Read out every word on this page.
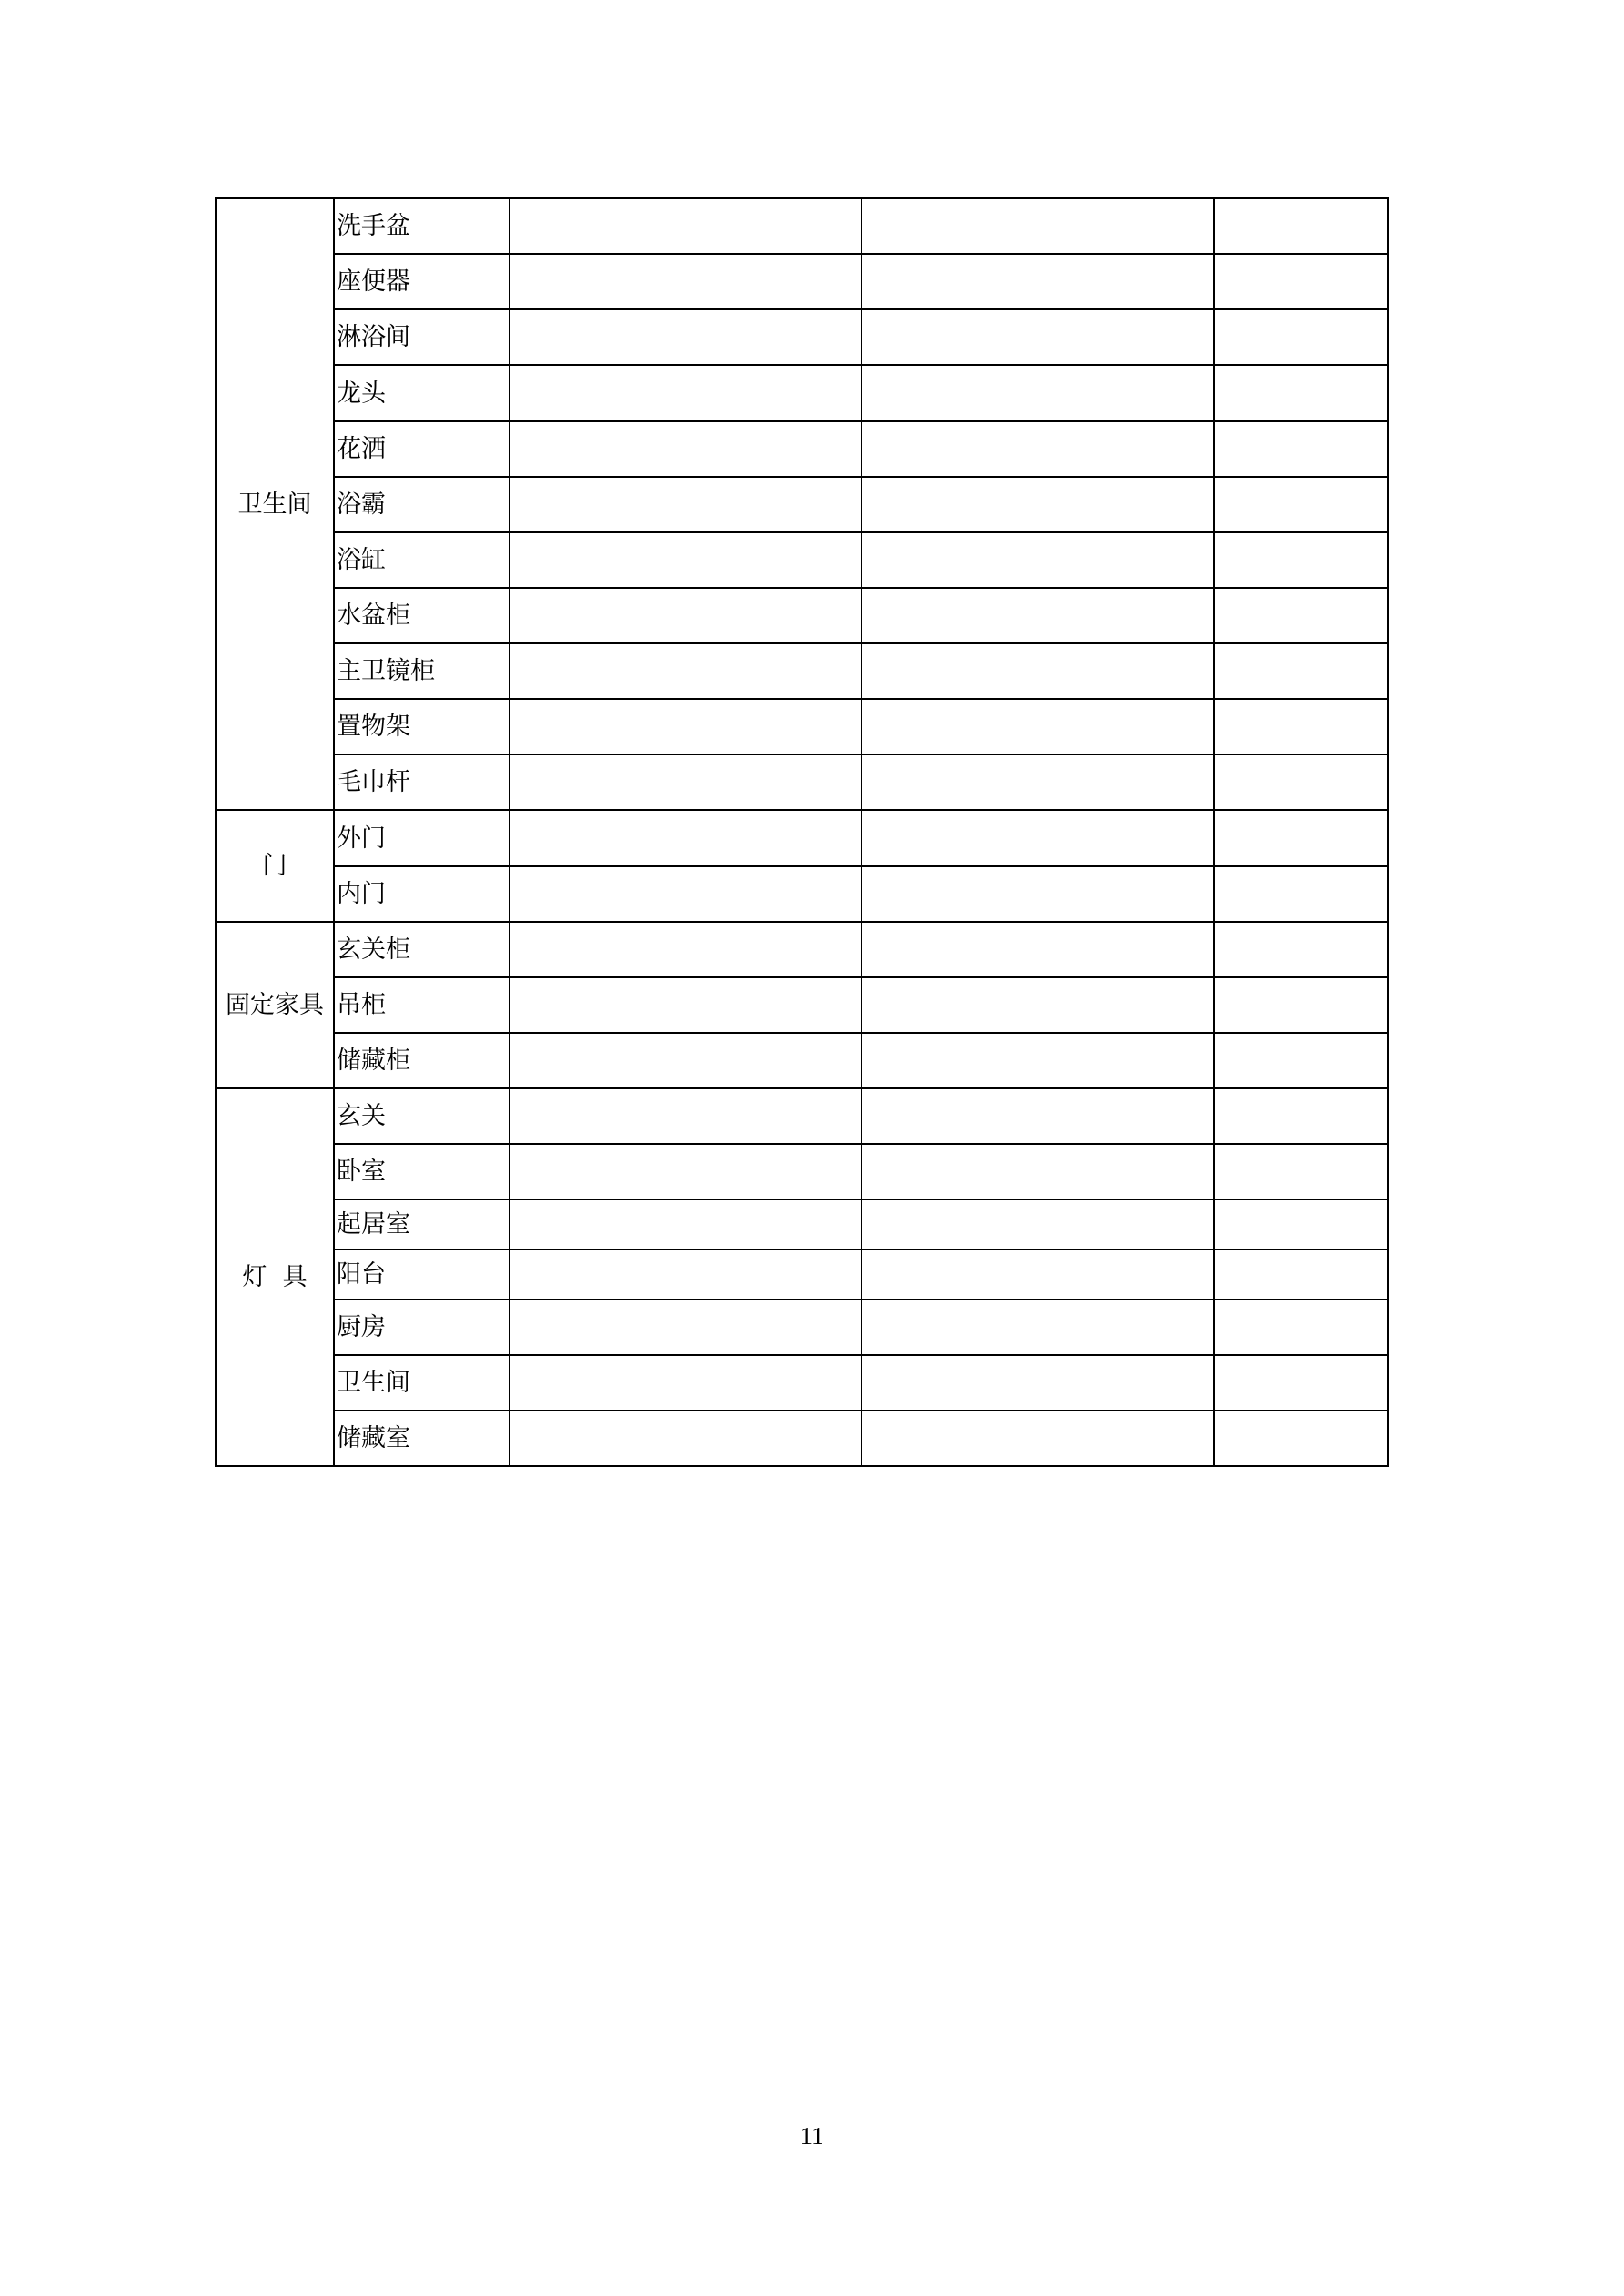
卫生间	洗手盆			
	座便器			
	淋浴间			
	龙头			
	花洒			
	浴霸			
	浴缸			
	水盆柜			
	主卫镜柜			
	置物架			
	毛巾杆			
门	外门			
	内门			
固定家具	玄关柜			
	吊柜			
	储藏柜			
灯  具	玄关			
	卧室			
	起居室			
	阳台			
	厨房			
	卫生间			
	储藏室			
11
